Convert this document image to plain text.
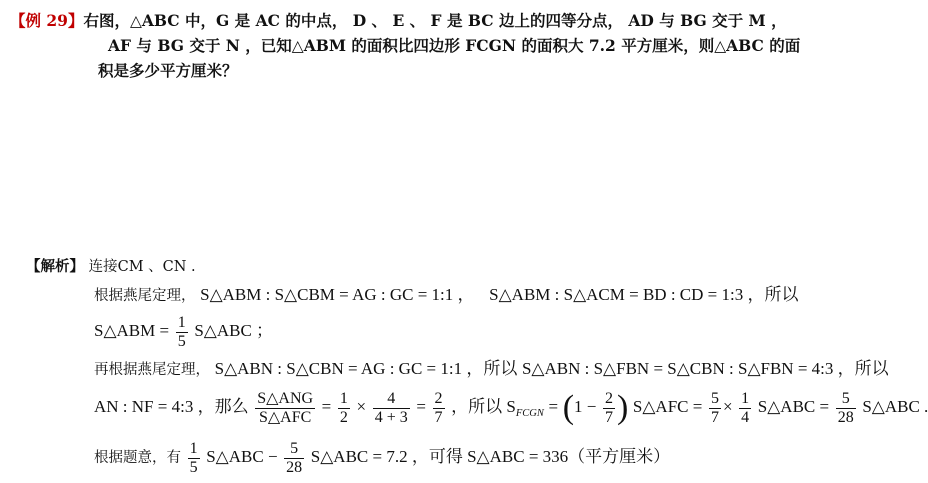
【例 29】右图，△ABC 中，G 是 AC 的中点， D 、 E 、 F 是 BC 边上的四等分点， AD 与 BG 交于 M ，
AF 与 BG 交于 N ，已知△ABM 的面积比四边形 FCGN 的面积大 7.2 平方厘米，则△ABC 的面
积是多少平方厘米？
【解析】 连接CM 、CN .
根据燕尾定理， S△ABM : S△CBM = AG : GC = 1:1 ， S△ABM : S△ACM = BD : CD = 1:3 ，所以
S△ABM = $\frac{1}{5}$ S△ABC ；
再根据燕尾定理， S△ABN : S△CBN = AG : GC = 1:1 ，所以 S△ABN : S△FBN = S△CBN : S△FBN = 4:3 ，所以
AN : NF = 4:3 ，那么 $\frac{\text{S△ANG}}{\text{S△AFC}} = \frac{1}{2} \times \frac{4}{4 + 3} = \frac{2}{7}$ ，所以 $S_{FCGN} = (1 - \frac{2}{7}$ ) S△AFC = $\frac{5}{7} \times \frac{1}{4}$ S△ABC = $\frac{5}{28}$ S△ABC .
根据题意，有 $\frac{1}{5}$ S△ABC − $\frac{5}{28}$ S△ABC = 7.2 ，可得 S△ABC = 336（平方厘米）
